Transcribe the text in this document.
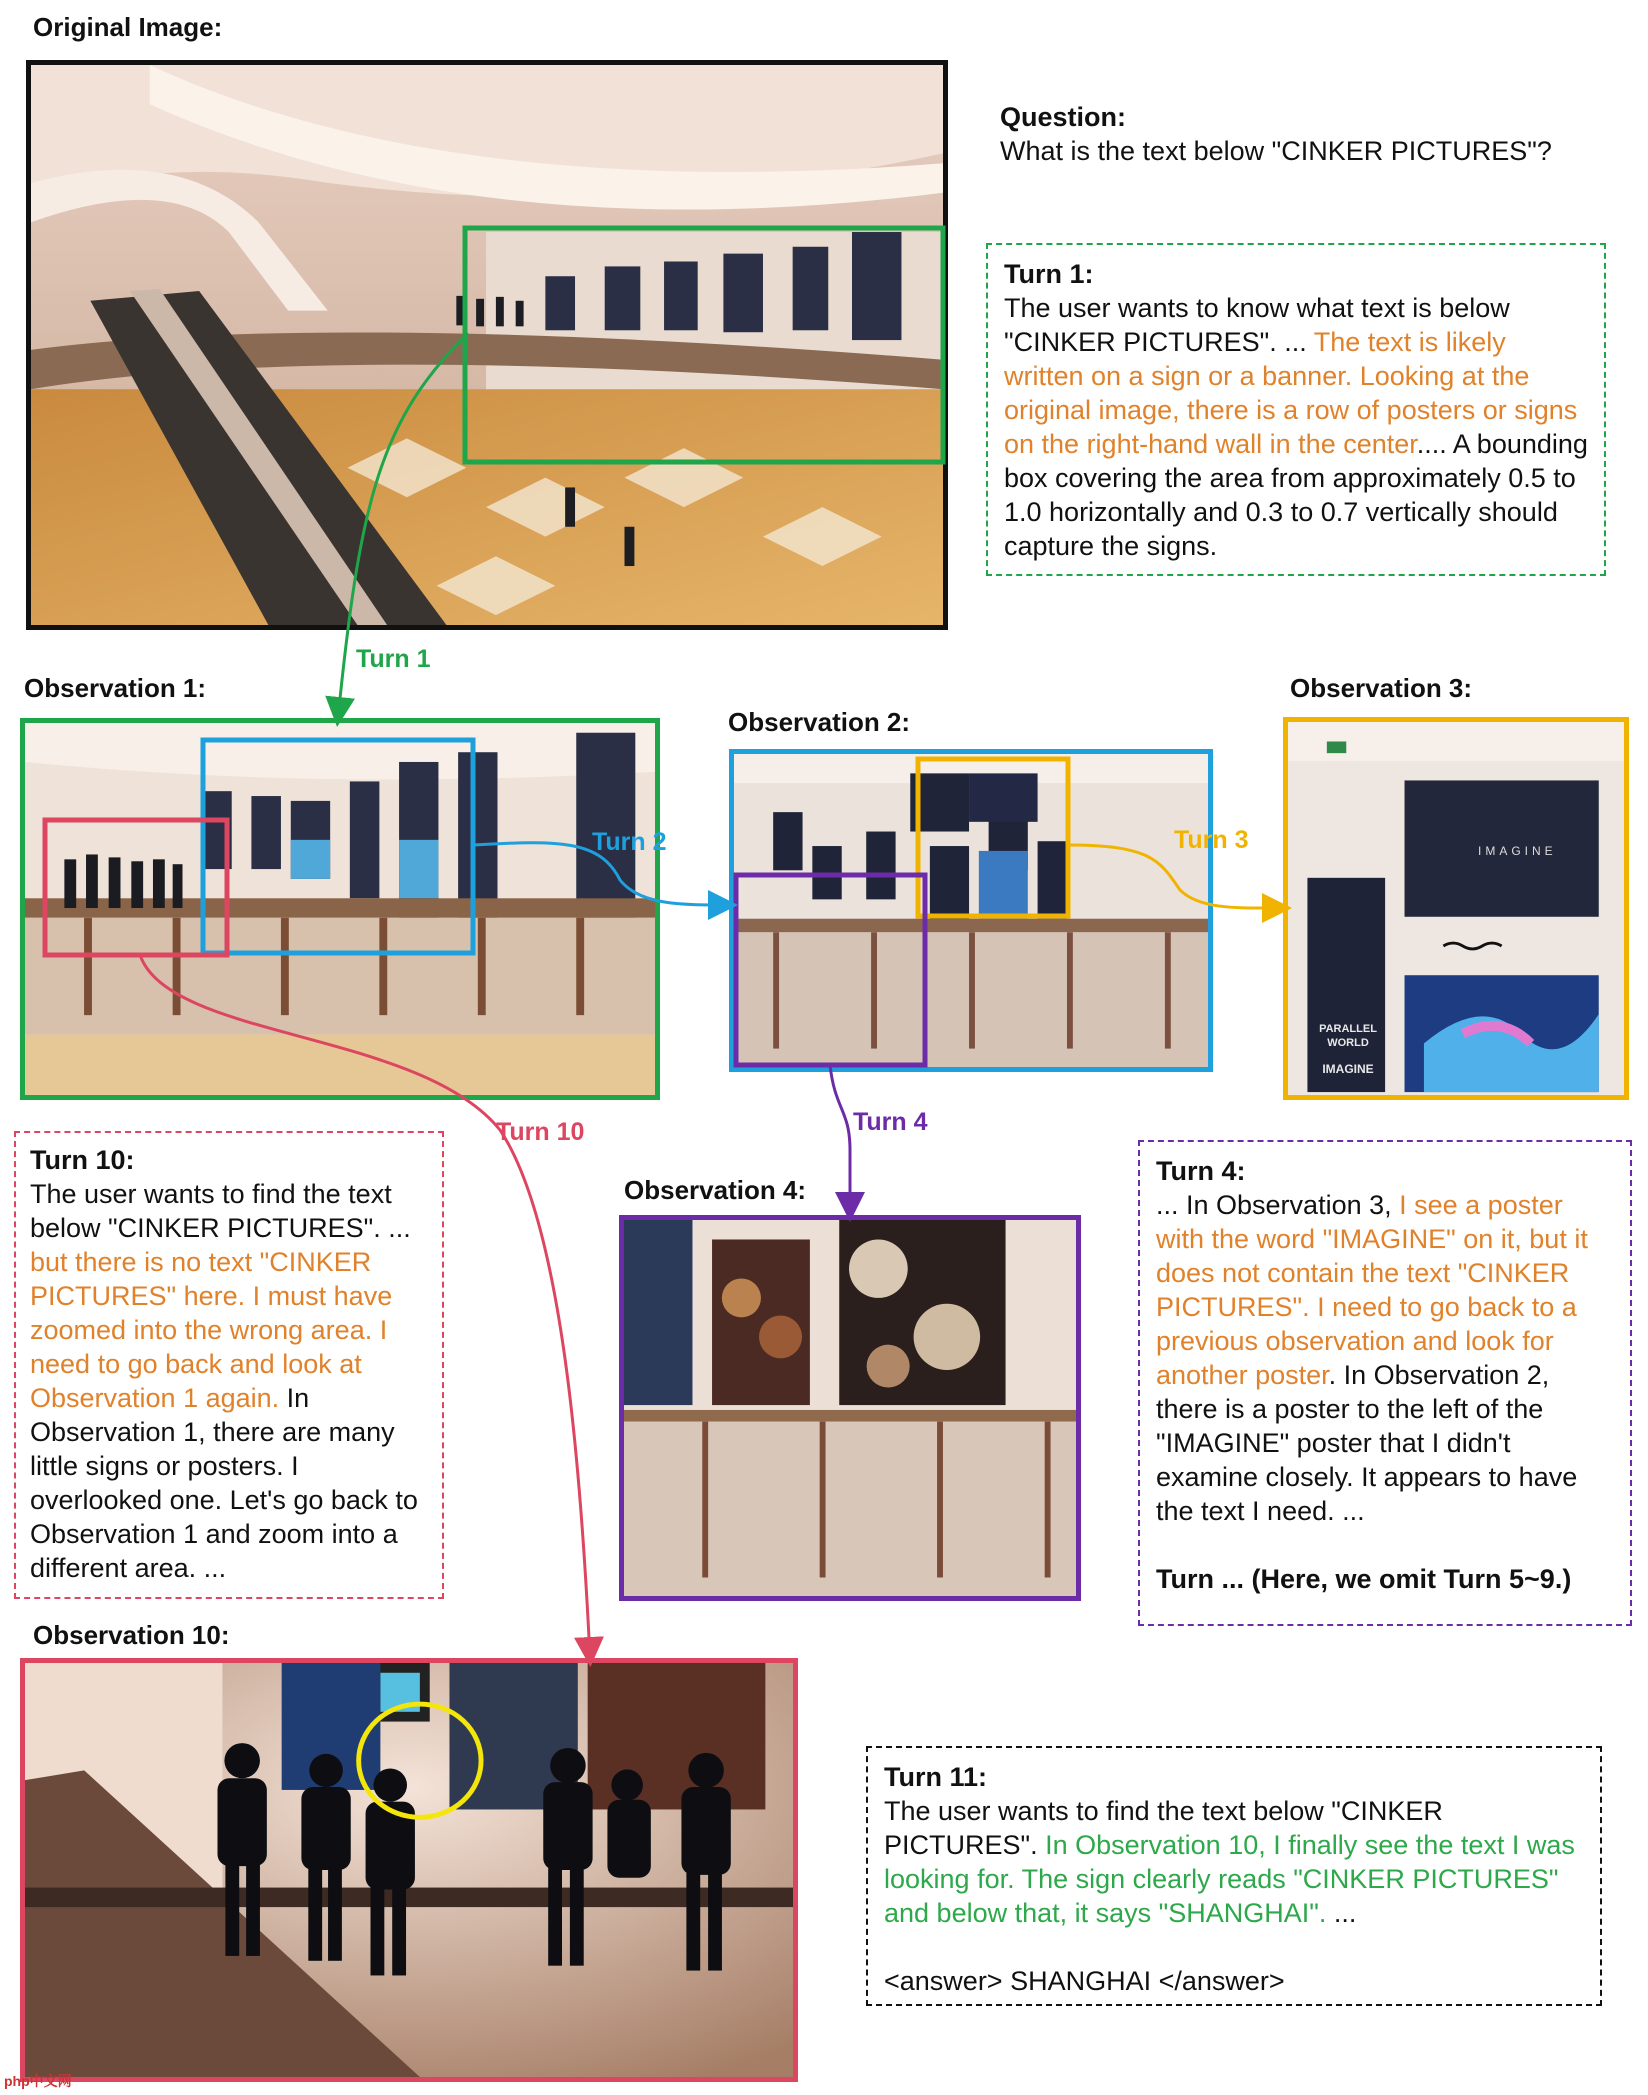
Original Image:
Observation 1:
Observation 2:
Observation 3:
Observation 4:
Observation 10:
IMAGINE
PARALLEL WORLD
IMAGINE
Question:
What is the text below "CINKER PICTURES"?
Turn 1:
The user wants to know what text is below "CINKER PICTURES". ... The text is likely written on a sign or a banner. Looking at the original image, there is a row of posters or signs on the right-hand wall in the center.... A bounding box covering the area from approximately 0.5 to 1.0 horizontally and 0.3 to 0.7 vertically should capture the signs.
Turn 4:
... In Observation 3, I see a poster with the word "IMAGINE" on it, but it does not contain the text "CINKER PICTURES". I need to go back to a previous observation and look for another poster. In Observation 2, there is a poster to the left of the "IMAGINE" poster that I didn't examine closely. It appears to have the text I need. ...
Turn ... (Here, we omit Turn 5~9.)
Turn 10:
The user wants to find the text below "CINKER PICTURES". ... but there is no text "CINKER PICTURES" here. I must have zoomed into the wrong area. I need to go back and look at Observation 1 again. In Observation 1, there are many little signs or posters. I overlooked one. Let's go back to Observation 1 and zoom into a different area. ...
Turn 11:
The user wants to find the text below "CINKER PICTURES". In Observation 10, I finally see the text I was looking for. The sign clearly reads "CINKER PICTURES" and below that, it says "SHANGHAI". ...
<answer> SHANGHAI </answer>
Turn 1
Turn 2	Turn 3
Turn 4
Turn 10
php中文网
